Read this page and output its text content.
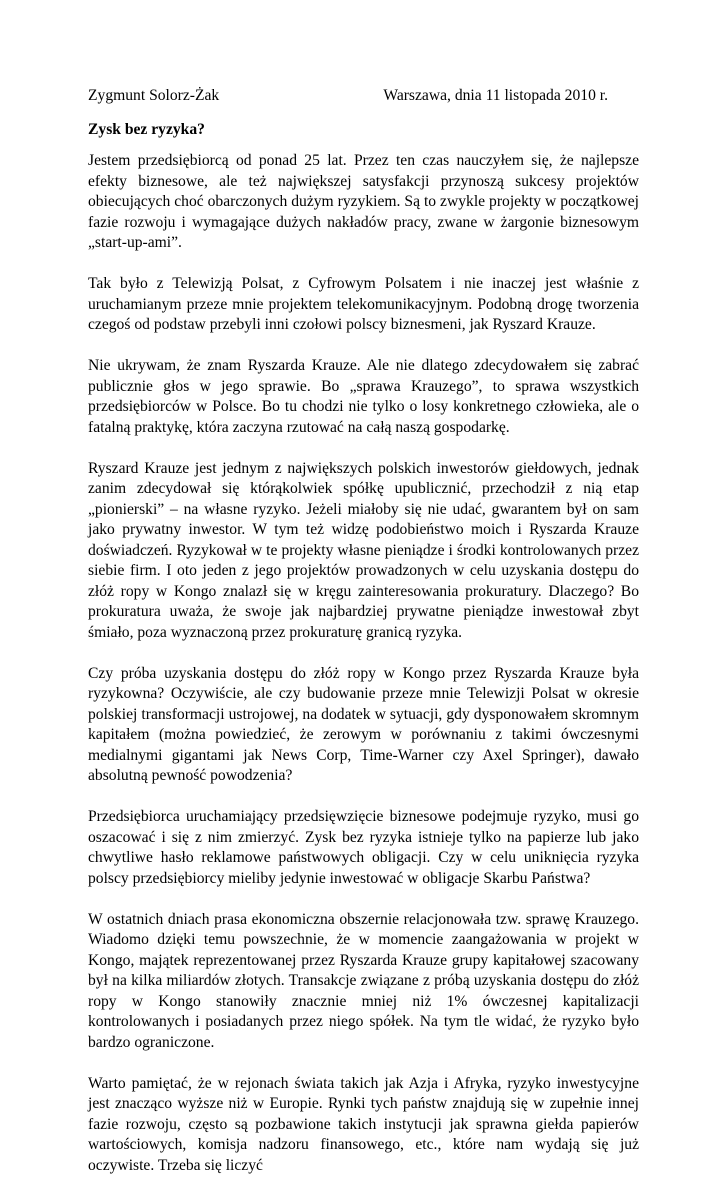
Zygmunt Solorz-Żak	Warszawa, dnia 11 listopada 2010 r.
Zysk bez ryzyka?

Jestem przedsiębiorcą od ponad 25 lat. Przez ten czas nauczyłem się, że najlepsze efekty biznesowe, ale też największej satysfakcji przynoszą sukcesy projektów obiecujących choć obarczonych dużym ryzykiem. Są to zwykle projekty w początkowej fazie rozwoju i wymagające dużych nakładów pracy, zwane w żargonie biznesowym „start-up-ami”.

Tak było z Telewizją Polsat, z Cyfrowym Polsatem i nie inaczej jest właśnie z uruchamianym przeze mnie projektem telekomunikacyjnym. Podobną drogę tworzenia czegoś od podstaw przebyli inni czołowi polscy biznesmeni, jak Ryszard Krauze.

Nie ukrywam, że znam Ryszarda Krauze. Ale nie dlatego zdecydowałem się zabrać publicznie głos w jego sprawie. Bo „sprawa Krauzego”, to sprawa wszystkich przedsiębiorców w Polsce. Bo tu chodzi nie tylko o losy konkretnego człowieka, ale o fatalną praktykę, która zaczyna rzutować na całą naszą gospodarkę.

Ryszard Krauze jest jednym z największych polskich inwestorów giełdowych, jednak zanim zdecydował się którąkolwiek spółkę upublicznić, przechodził z nią etap „pionierski” – na własne ryzyko. Jeżeli miałoby się nie udać, gwarantem był on sam jako prywatny inwestor. W tym też widzę podobieństwo moich i Ryszarda Krauze doświadczeń. Ryzykował w te projekty własne pieniądze i środki kontrolowanych przez siebie firm. I oto jeden z jego projektów prowadzonych w celu uzyskania dostępu do złóż ropy w Kongo znalazł się w kręgu zainteresowania prokuratury. Dlaczego? Bo prokuratura uważa, że swoje jak najbardziej prywatne pieniądze inwestował zbyt śmiało, poza wyznaczoną przez prokuraturę granicą ryzyka.

Czy próba uzyskania dostępu do złóż ropy w Kongo przez Ryszarda Krauze była ryzykowna? Oczywiście, ale czy budowanie przeze mnie Telewizji Polsat w okresie polskiej transformacji ustrojowej, na dodatek w sytuacji, gdy dysponowałem skromnym kapitałem (można powiedzieć, że zerowym w porównaniu z takimi ówczesnymi medialnymi gigantami jak News Corp, Time-Warner czy Axel Springer), dawało absolutną pewność powodzenia?

Przedsiębiorca uruchamiający przedsięwzięcie biznesowe podejmuje ryzyko, musi go oszacować i się z nim zmierzyć. Zysk bez ryzyka istnieje tylko na papierze lub jako chwytliwe hasło reklamowe państwowych obligacji. Czy w celu uniknięcia ryzyka polscy przedsiębiorcy mieliby jedynie inwestować w obligacje Skarbu Państwa?

W ostatnich dniach prasa ekonomiczna obszernie relacjonowała tzw. sprawę Krauzego. Wiadomo dzięki temu powszechnie, że w momencie zaangażowania w projekt w Kongo, majątek reprezentowanej przez Ryszarda Krauze grupy kapitałowej szacowany był na kilka miliardów złotych. Transakcje związane z próbą uzyskania dostępu do złóż ropy w Kongo stanowiły znacznie mniej niż 1% ówczesnej kapitalizacji kontrolowanych i posiadanych przez niego spółek. Na tym tle widać, że ryzyko było bardzo ograniczone.

Warto pamiętać, że w rejonach świata takich jak Azja i Afryka, ryzyko inwestycyjne jest znacząco wyższe niż w Europie. Rynki tych państw znajdują się w zupełnie innej fazie rozwoju, często są pozbawione takich instytucji jak sprawna giełda papierów wartościowych, komisja nadzoru finansowego, etc., które nam wydają się już oczywiste. Trzeba się liczyć
